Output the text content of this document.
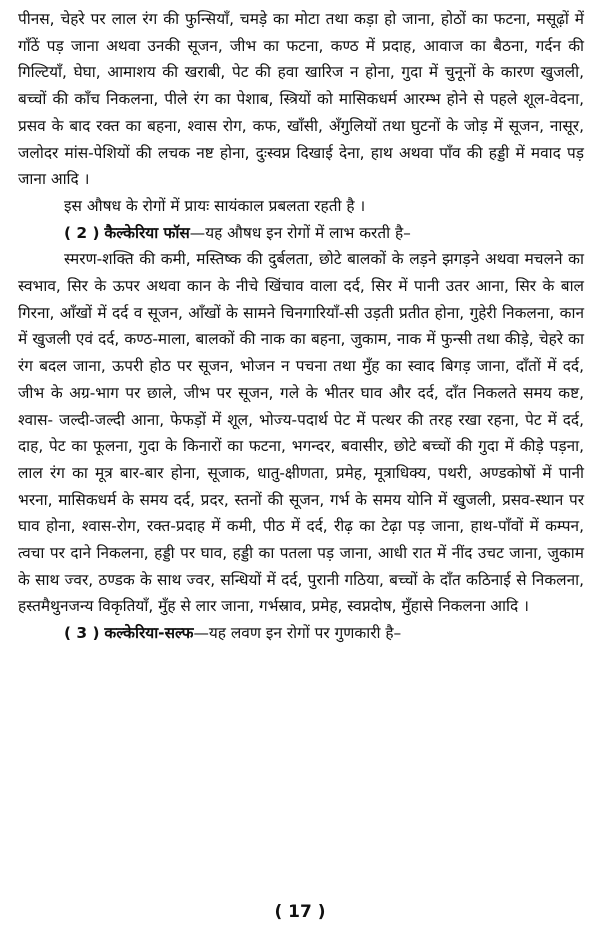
पीनस, चेहरे पर लाल रंग की फुन्सियाँ, चमड़े का मोटा तथा कड़ा हो जाना, होठों का फटना, मसूढ़ों में गाँठें पड़ जाना अथवा उनकी सूजन, जीभ का फटना, कण्ठ में प्रदाह, आवाज का बैठना, गर्दन की गिल्टियाँ, घेघा, आमाशय की खराबी, पेट की हवा खारिज न होना, गुदा में चुनूनों के कारण खुजली, बच्चों की काँच निकलना, पीले रंग का पेशाब, स्त्रियों को मासिकधर्म आरम्भ होने से पहले शूल-वेदना, प्रसव के बाद रक्त का बहना, श्वास रोग, कफ, खाँसी, अँगुलियों तथा घुटनों के जोड़ में सूजन, नासूर, जलोदर मांस-पेशियों की लचक नष्ट होना, दुःस्वप्न दिखाई देना, हाथ अथवा पाँव की हड्डी में मवाद पड़ जाना आदि ।

इस औषध के रोगों में प्रायः सायंकाल प्रबलता रहती है ।

( 2 ) कैल्केरिया फॉस—यह औषध इन रोगों में लाभ करती है–

स्मरण-शक्ति की कमी, मस्तिष्क की दुर्बलता, छोटे बालकों के लड़ने झगड़ने अथवा मचलने का स्वभाव, सिर के ऊपर अथवा कान के नीचे खिंचाव वाला दर्द, सिर में पानी उतर आना, सिर के बाल गिरना, आँखों में दर्द व सूजन, आँखों के सामने चिनगारियाँ-सी उड़ती प्रतीत होना, गुहेरी निकलना, कान में खुजली एवं दर्द, कण्ठ-माला, बालकों की नाक का बहना, जुकाम, नाक में फुन्सी तथा कीड़े, चेहरे का रंग बदल जाना, ऊपरी होठ पर सूजन, भोजन न पचना तथा मुँह का स्वाद बिगड़ जाना, दाँतों में दर्द, जीभ के अग्र-भाग पर छाले, जीभ पर सूजन, गले के भीतर घाव और दर्द, दाँत निकलते समय कष्ट, श्वास- जल्दी-जल्दी आना, फेफड़ों में शूल, भोज्य-पदार्थ पेट में पत्थर की तरह रखा रहना, पेट में दर्द, दाह, पेट का फूलना, गुदा के किनारों का फटना, भगन्दर, बवासीर, छोटे बच्चों की गुदा में कीड़े पड़ना, लाल रंग का मूत्र बार-बार होना, सूजाक, धातु-क्षीणता, प्रमेह, मूत्राधिक्य, पथरी, अण्डकोषों में पानी भरना, मासिकधर्म के समय दर्द, प्रदर, स्तनों की सूजन, गर्भ के समय योनि में खुजली, प्रसव-स्थान पर घाव होना, श्वास-रोग, रक्त-प्रदाह में कमी, पीठ में दर्द, रीढ़ का टेढ़ा पड़ जाना, हाथ-पाँवों में कम्पन, त्वचा पर दाने निकलना, हड्डी पर घाव, हड्डी का पतला पड़ जाना, आधी रात में नींद उचट जाना, जुकाम के साथ ज्वर, ठण्डक के साथ ज्वर, सन्धियों में दर्द, पुरानी गठिया, बच्चों के दाँत कठिनाई से निकलना, हस्तमैथुनजन्य विकृतियाँ, मुँह से लार जाना, गर्भस्राव, प्रमेह, स्वप्नदोष, मुँहासे निकलना आदि ।

( 3 ) कल्केरिया-सल्फ—यह लवण इन रोगों पर गुणकारी है–

( 17 )
